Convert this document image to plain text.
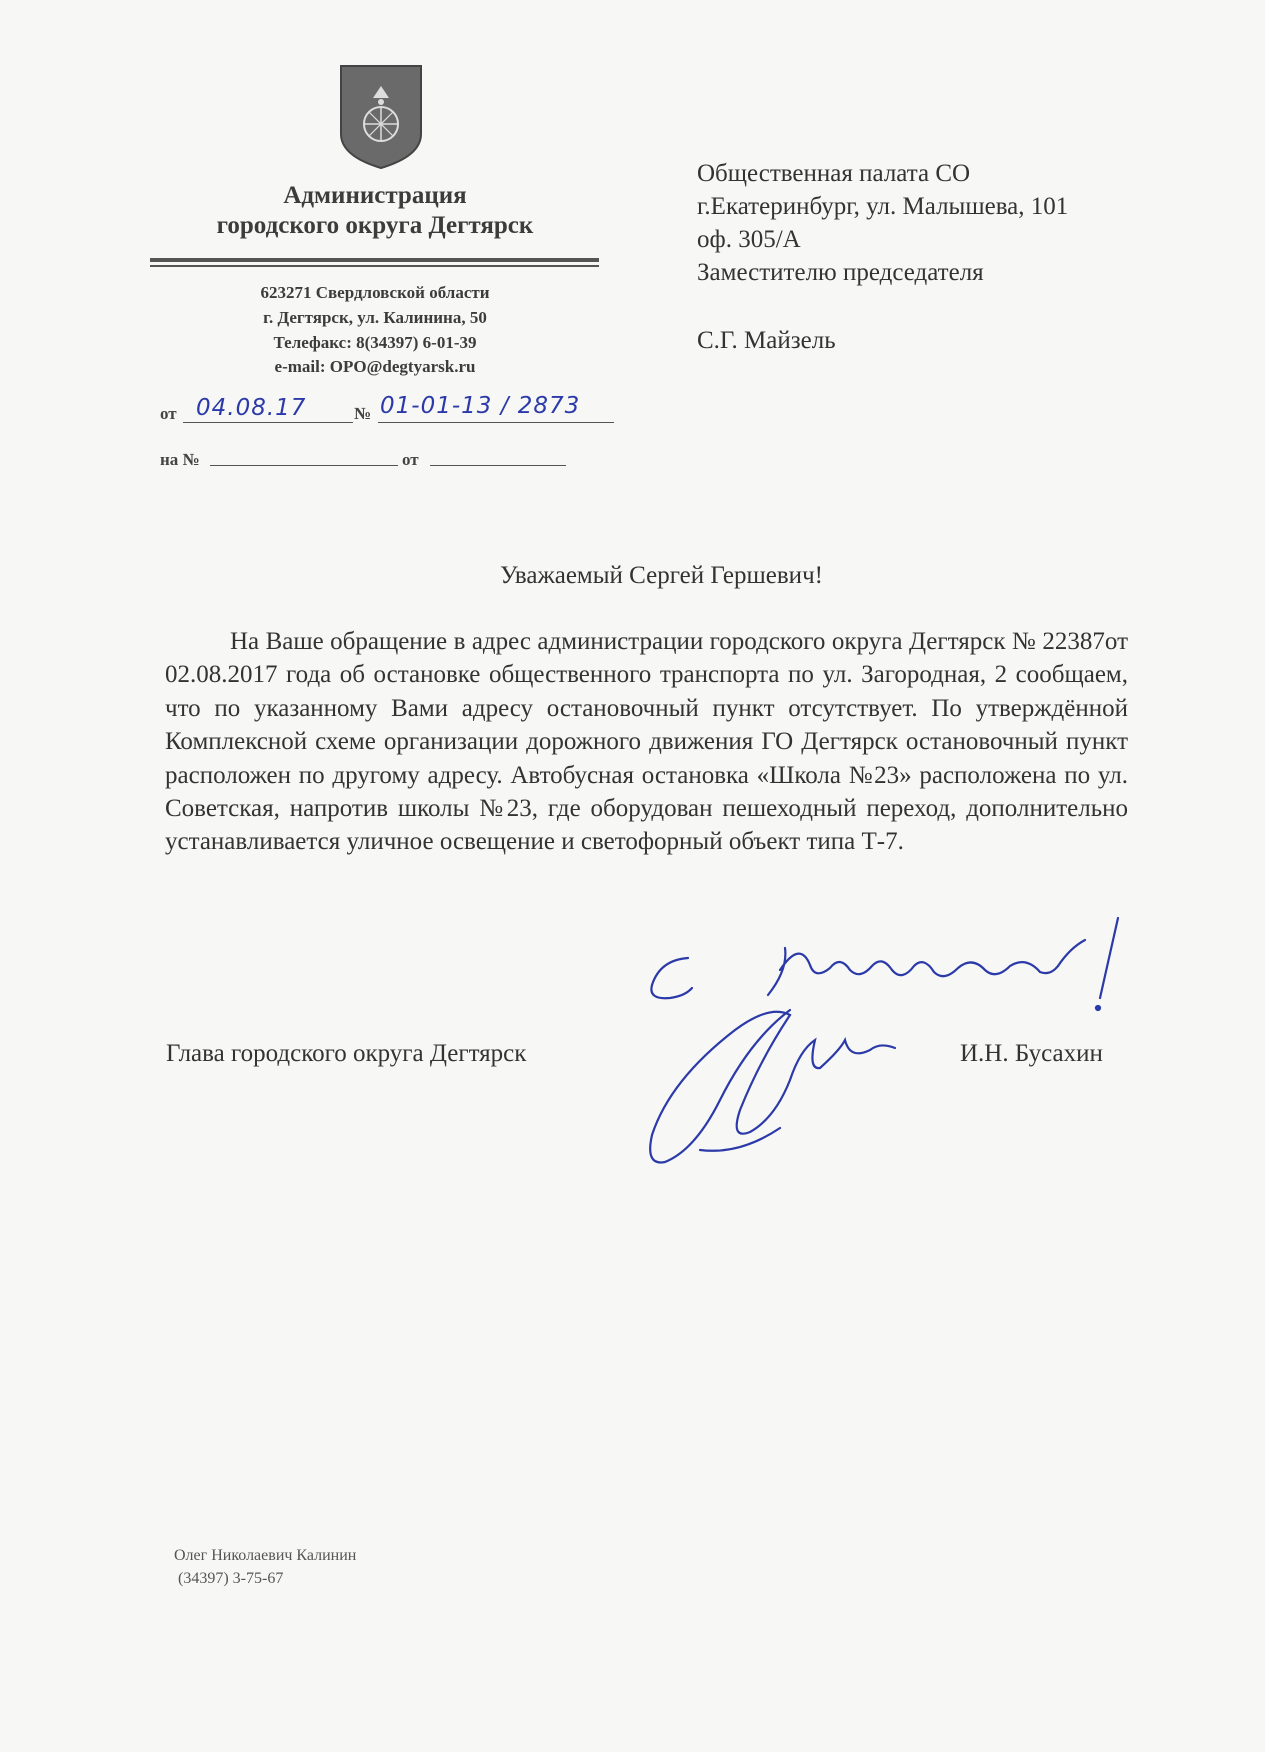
Администрация
городского округа Дегтярск
623271 Свердловской области
г. Дегтярск, ул. Калинина, 50
Телефакс: 8(34397) 6-01-39
e-mail: OPO@degtyarsk.ru
от 04.08.17	№ 01-01-13 / 2873
на №	от
Общественная палата СО
г.Екатеринбург, ул. Малышева, 101
оф. 305/А
Заместителю председателя
С.Г. Майзель
Уважаемый Сергей Гершевич!
На Ваше обращение в адрес администрации городского округа Дегтярск № 22387от 02.08.2017 года об остановке общественного транспорта по ул. Загородная, 2 сообщаем, что по указанному Вами адресу остановочный пункт отсутствует. По утверждённой Комплексной схеме организации дорожного движения ГО Дегтярск остановочный пункт расположен по другому адресу. Автобусная остановка «Школа №23» расположена по ул. Советская, напротив школы №23, где оборудован пешеходный переход, дополнительно устанавливается уличное освещение и светофорный объект типа Т-7.
Глава городского округа Дегтярск	И.Н. Бусахин
Олег Николаевич Калинин
(34397) 3-75-67
